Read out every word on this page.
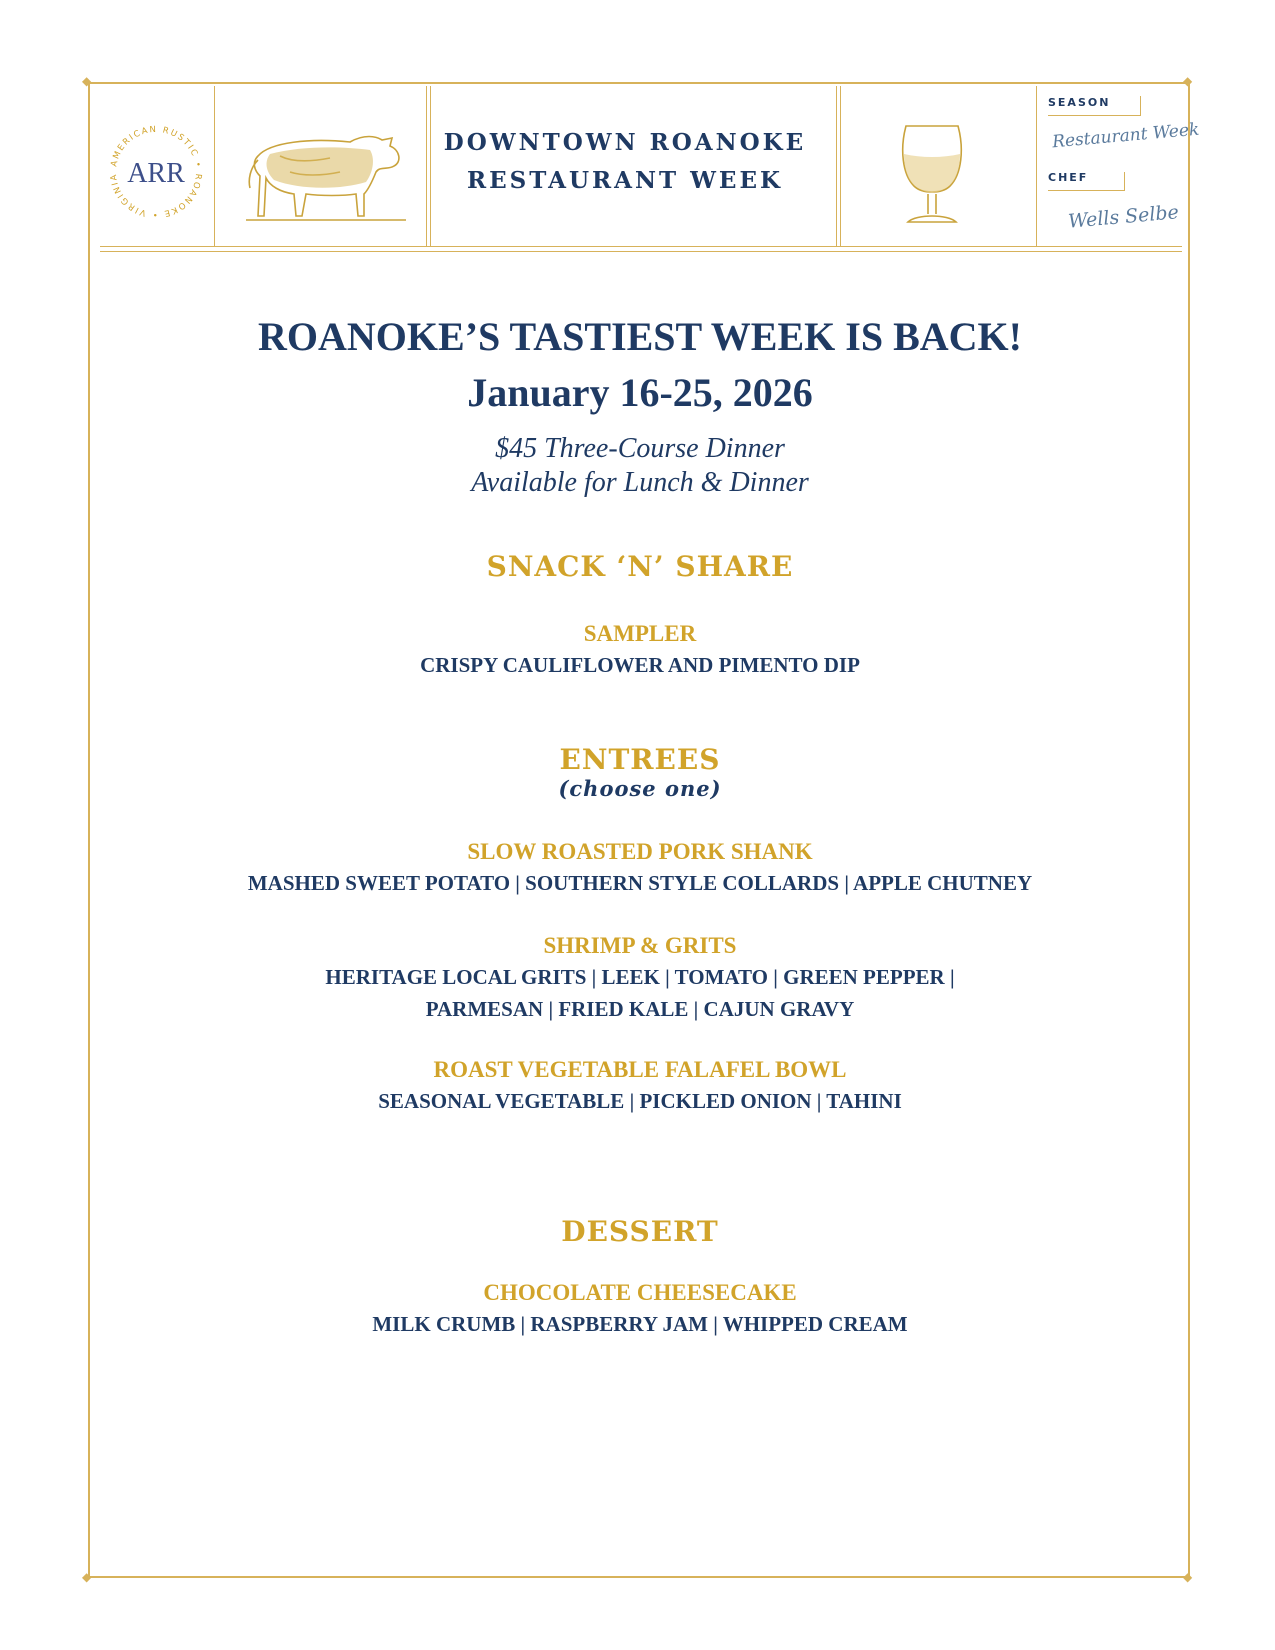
◆	◆
◆	◆
AMERICAN RUSTIC • ROANOKE • VIRGINIA ARR
DOWNTOWN ROANOKE
RESTAURANT WEEK
SEASON
Restaurant Week
CHEF
Wells Selbe
ROANOKE’S TASTIEST WEEK IS BACK!
January 16-25, 2026
$45 Three-Course Dinner
Available for Lunch & Dinner
SNACK ‘N’ SHARE
SAMPLER
CRISPY CAULIFLOWER AND PIMENTO DIP
ENTREES
(choose one)
SLOW ROASTED PORK SHANK
MASHED SWEET POTATO | SOUTHERN STYLE COLLARDS | APPLE CHUTNEY
SHRIMP & GRITS
HERITAGE LOCAL GRITS | LEEK | TOMATO | GREEN PEPPER |
PARMESAN | FRIED KALE | CAJUN GRAVY
ROAST VEGETABLE FALAFEL BOWL
SEASONAL VEGETABLE | PICKLED ONION | TAHINI
DESSERT
CHOCOLATE CHEESECAKE
MILK CRUMB | RASPBERRY JAM | WHIPPED CREAM
